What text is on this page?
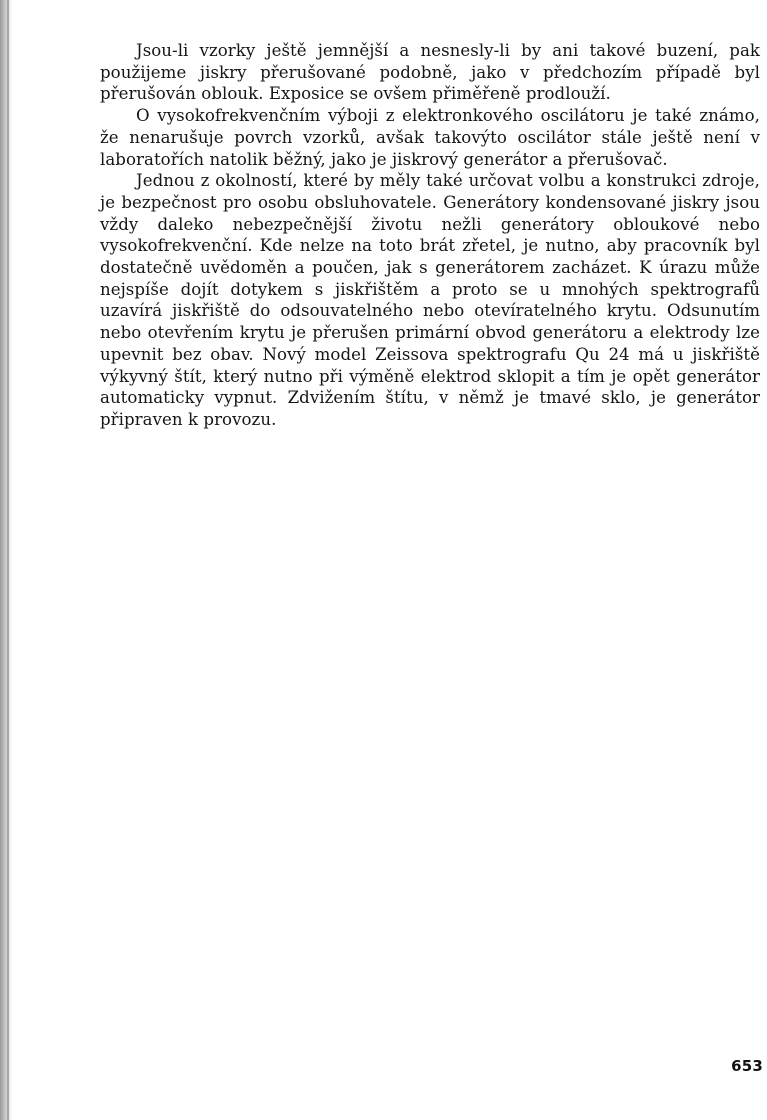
Jsou-li vzorky ještě jemnější a nesnesly-li by ani takové buzení, pak použijeme jiskry přerušované podobně, jako v předchozím případě byl přerušován oblouk. Exposice se ovšem přiměřeně prodlouží.

O vysokofrekvenčním výboji z elektronkového oscilátoru je také známo, že nenarušuje povrch vzorků, avšak takovýto oscilátor stále ještě není v laboratořích natolik běžný, jako je jiskrový generátor a přerušovač.

Jednou z okolností, které by měly také určovat volbu a konstrukci zdroje, je bezpečnost pro osobu obsluhovatele. Generátory kondensované jiskry jsou vždy daleko nebezpečnější životu nežli generátory obloukové nebo vysokofrekvenční. Kde nelze na toto brát zřetel, je nutno, aby pracovník byl dostatečně uvědoměn a poučen, jak s generátorem zacházet. K úrazu může nejspíše dojít dotykem s jiskřištěm a proto se u mnohých spektrografů uzavírá jiskřiště do odsouvatelného nebo otevíratelného krytu. Odsunutím nebo otevřením krytu je přerušen primární obvod generátoru a elektrody lze upevnit bez obav. Nový model Zeissova spektrografu Qu 24 má u jiskřiště výkyvný štít, který nutno při výměně elektrod sklopit a tím je opět generátor automaticky vypnut. Zdvižením štítu, v němž je tmavé sklo, je generátor připraven k provozu.

653
